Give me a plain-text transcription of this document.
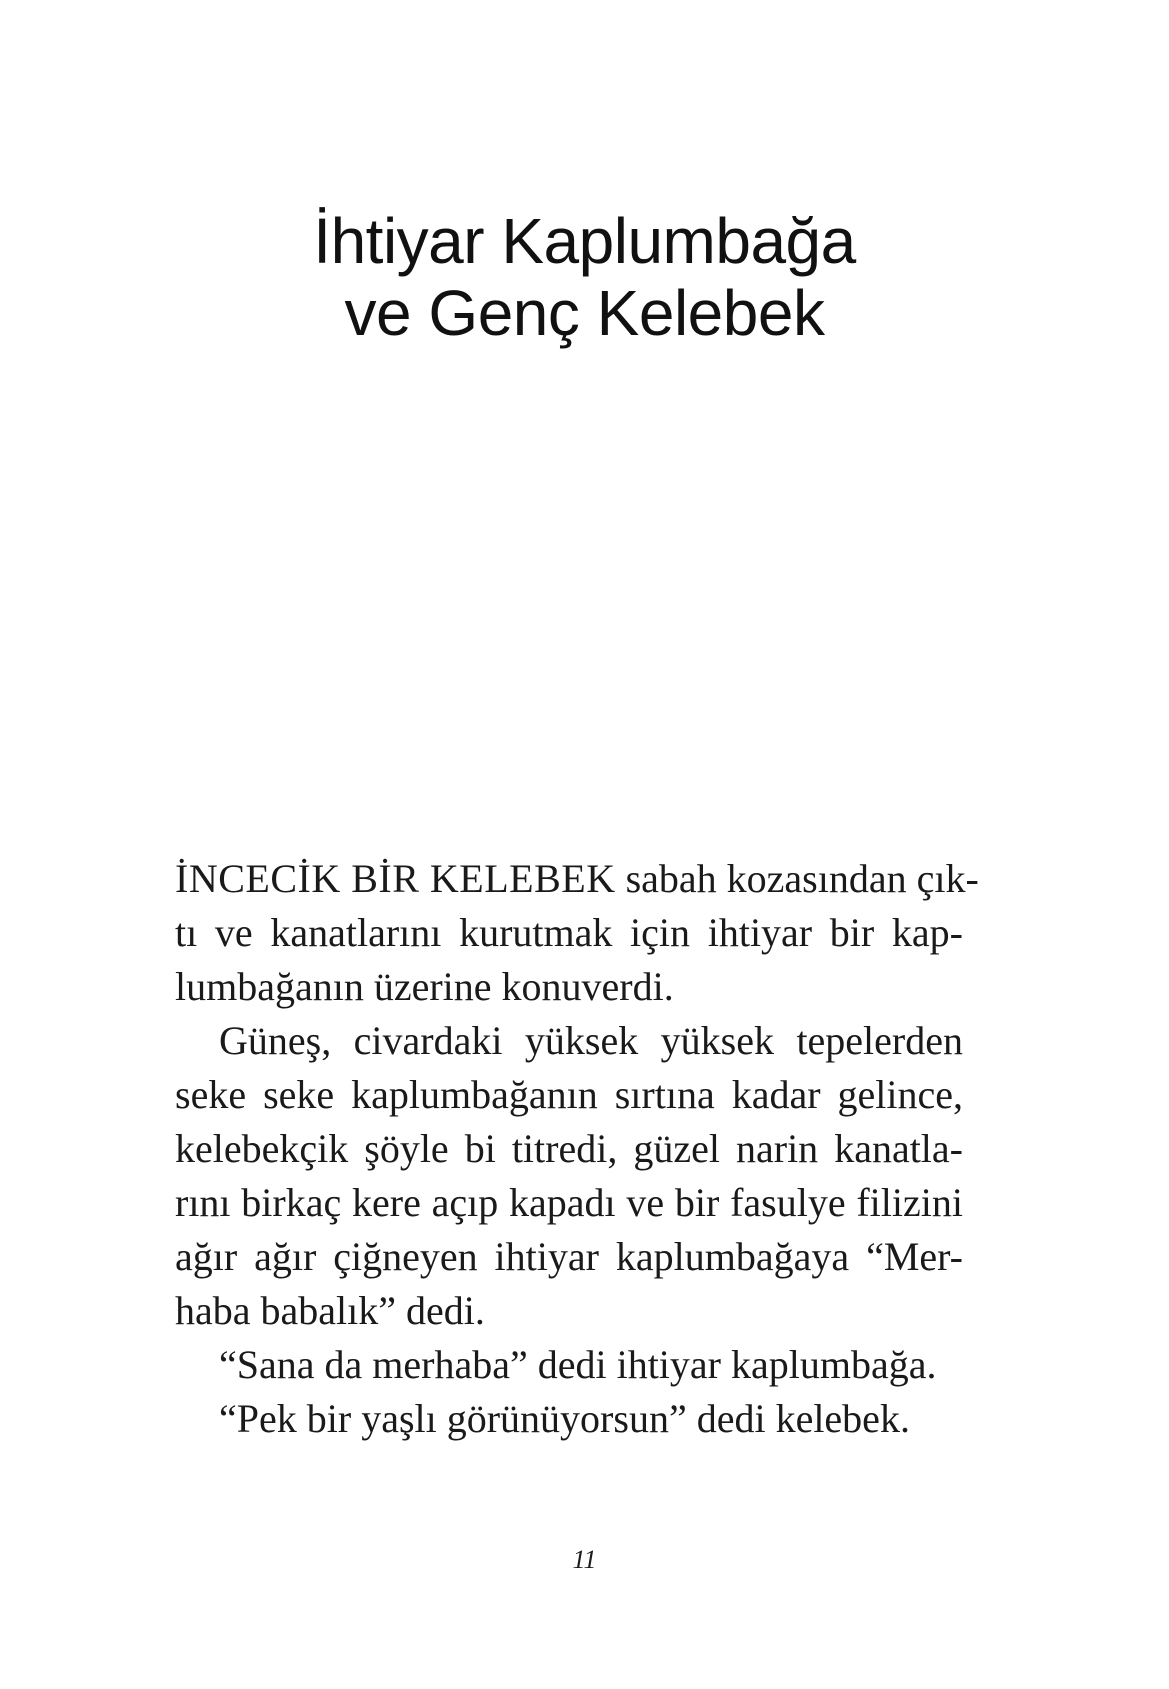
İhtiyar Kaplumbağa
ve Genç Kelebek
İNCECİK BİR KELEBEK sabah kozasından çık-
tı ve kanatlarını kurutmak için ihtiyar bir kap-
lumbağanın üzerine konuverdi.
Güneş, civardaki yüksek yüksek tepelerden
seke seke kaplumbağanın sırtına kadar gelince,
kelebekçik şöyle bi titredi, güzel narin kanatla-
rını birkaç kere açıp kapadı ve bir fasulye filizini
ağır ağır çiğneyen ihtiyar kaplumbağaya “Mer-
haba babalık” dedi.
“Sana da merhaba” dedi ihtiyar kaplumbağa.
“Pek bir yaşlı görünüyorsun” dedi kelebek.
11
